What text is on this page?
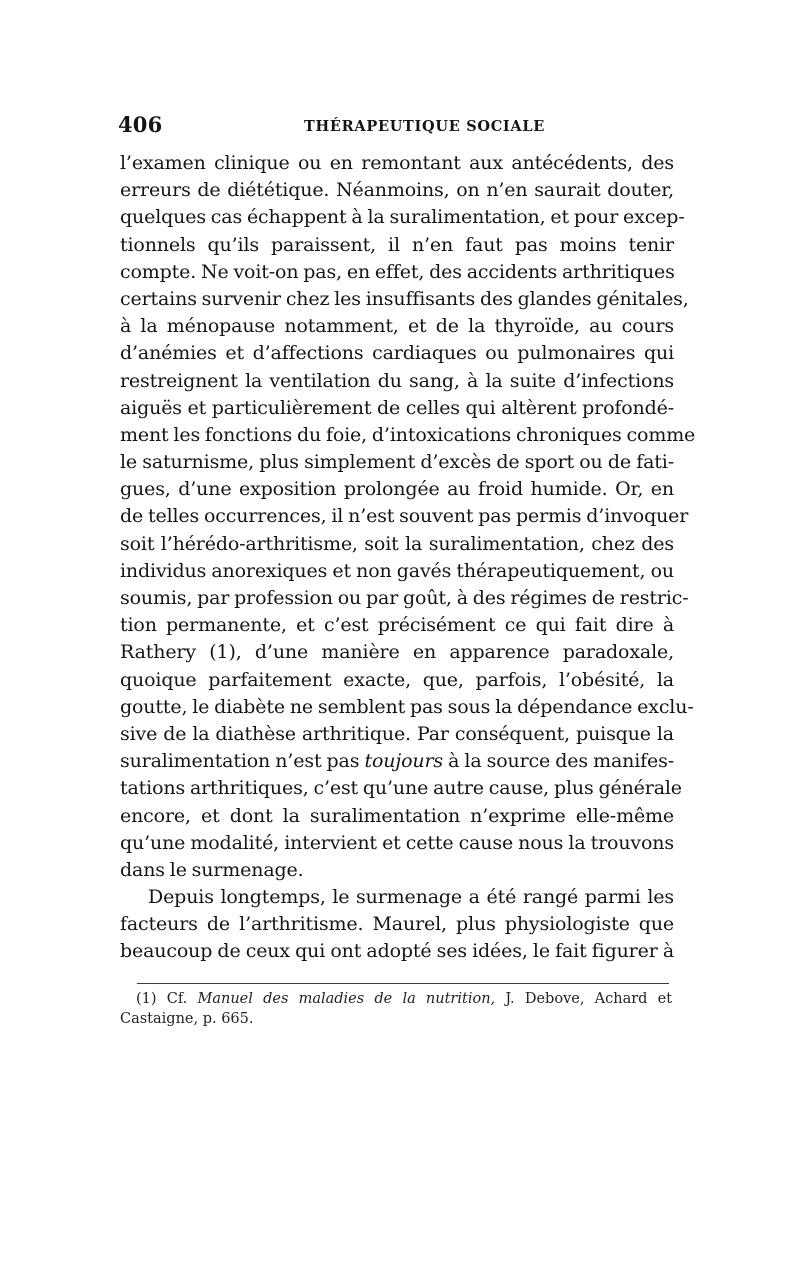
406	THÉRAPEUTIQUE SOCIALE
l’examen clinique ou en remontant aux antécédents, des
erreurs de diététique. Néanmoins, on n’en saurait douter,
quelques cas échappent à la suralimentation, et pour excep-
tionnels qu’ils paraissent, il n’en faut pas moins tenir
compte. Ne voit-on pas, en effet, des accidents arthritiques
certains survenir chez les insuffisants des glandes génitales,
à la ménopause notamment, et de la thyroïde, au cours
d’anémies et d’affections cardiaques ou pulmonaires qui
restreignent la ventilation du sang, à la suite d’infections
aiguës et particulièrement de celles qui altèrent profondé-
ment les fonctions du foie, d’intoxications chroniques comme
le saturnisme, plus simplement d’excès de sport ou de fati-
gues, d’une exposition prolongée au froid humide. Or, en
de telles occurrences, il n’est souvent pas permis d’invoquer
soit l’hérédo-arthritisme, soit la suralimentation, chez des
individus anorexiques et non gavés thérapeutiquement, ou
soumis, par profession ou par goût, à des régimes de restric-
tion permanente, et c’est précisément ce qui fait dire à
Rathery (1), d’une manière en apparence paradoxale,
quoique parfaitement exacte, que, parfois, l’obésité, la
goutte, le diabète ne semblent pas sous la dépendance exclu-
sive de la diathèse arthritique. Par conséquent, puisque la
suralimentation n’est pas toujours à la source des manifes-
tations arthritiques, c’est qu’une autre cause, plus générale
encore, et dont la suralimentation n’exprime elle-même
qu’une modalité, intervient et cette cause nous la trouvons
dans le surmenage.
Depuis longtemps, le surmenage a été rangé parmi les
facteurs de l’arthritisme. Maurel, plus physiologiste que
beaucoup de ceux qui ont adopté ses idées, le fait figurer à
(1) Cf. Manuel des maladies de la nutrition, J. Debove, Achard et
Castaigne, p. 665.
